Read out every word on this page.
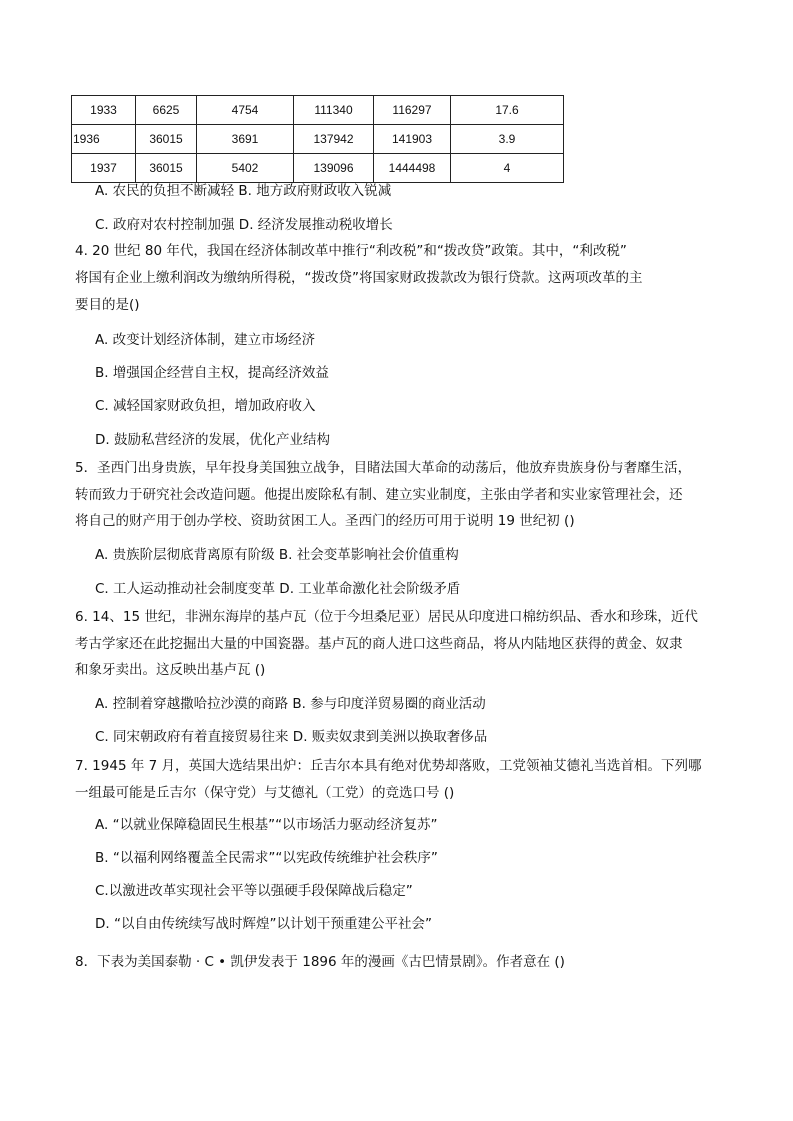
1933	6625	4754	111340	116297	17.6
1936	36015	3691	137942	141903	3.9
1937	36015	5402	139096	1444498	4
A. 农民的负担不断减轻 B. 地方政府财政收入锐减
C. 政府对农村控制加强 D. 经济发展推动税收增长
4. 20 世纪 80 年代，我国在经济体制改革中推行“利改税”和“拨改贷”政策。其中，“利改税”
将国有企业上缴利润改为缴纳所得税，“拨改贷”将国家财政拨款改为银行贷款。这两项改革的主
要目的是()
A. 改变计划经济体制，建立市场经济
B. 增强国企经营自主权，提高经济效益
C. 减轻国家财政负担，增加政府收入
D. 鼓励私营经济的发展，优化产业结构
5．圣西门出身贵族，早年投身美国独立战争，目睹法国大革命的动荡后，他放弃贵族身份与奢靡生活，
转而致力于研究社会改造问题。他提出废除私有制、建立实业制度，主张由学者和实业家管理社会，还
将自己的财产用于创办学校、资助贫困工人。圣西门的经历可用于说明 19 世纪初 ()
A. 贵族阶层彻底背离原有阶级 B. 社会变革影响社会价值重构
C. 工人运动推动社会制度变革 D. 工业革命激化社会阶级矛盾
6. 14、15 世纪，非洲东海岸的基卢瓦（位于今坦桑尼亚）居民从印度进口棉纺织品、香水和珍珠，近代
考古学家还在此挖掘出大量的中国瓷器。基卢瓦的商人进口这些商品，将从内陆地区获得的黄金、奴隶
和象牙卖出。这反映出基卢瓦 ()
A. 控制着穿越撒哈拉沙漠的商路 B. 参与印度洋贸易圈的商业活动
C. 同宋朝政府有着直接贸易往来 D. 贩卖奴隶到美洲以换取奢侈品
7. 1945 年 7 月，英国大选结果出炉：丘吉尔本具有绝对优势却落败，工党领袖艾德礼当选首相。下列哪
一组最可能是丘吉尔（保守党）与艾德礼（工党）的竞选口号 ()
A. “以就业保障稳固民生根基”“以市场活力驱动经济复苏”
B. “以福利网络覆盖全民需求”“以宪政传统维护社会秩序”
C.以激进改革实现社会平等以强硬手段保障战后稳定”
D. “以自由传统续写战时辉煌”以计划干预重建公平社会”
8．下表为美国泰勒 · C • 凯伊发表于 1896 年的漫画《古巴情景剧》。作者意在 ()
